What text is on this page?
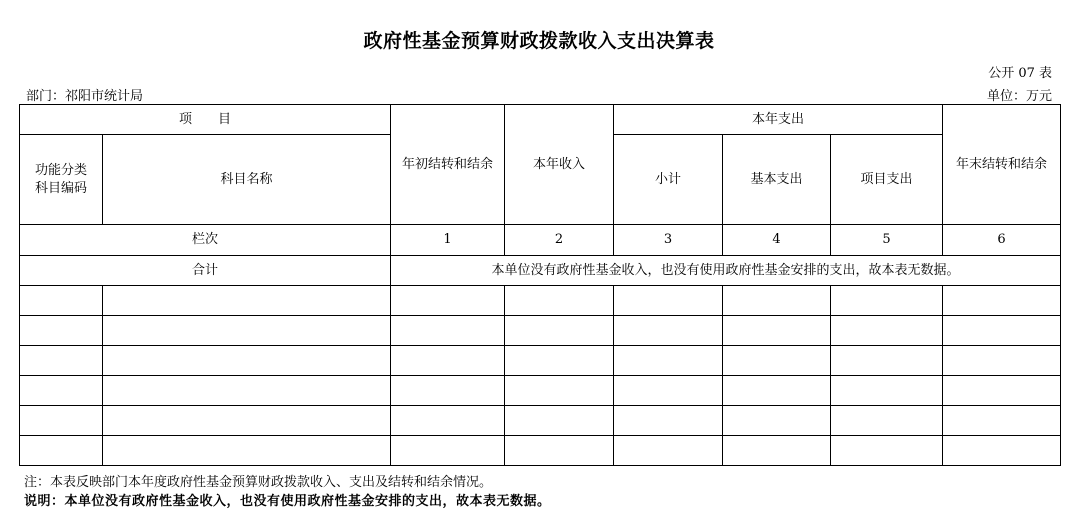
政府性基金预算财政拨款收入支出决算表
公开 07 表
部门：祁阳市统计局	单位：万元
项　　目		年初结转和结余	本年收入	本年支出			年末结转和结余
功能分类科目编码	科目名称			小计	基本支出	项目支出	
栏次		1	2	3	4	5	6
合计		本单位没有政府性基金收入，也没有使用政府性基金安排的支出，故本表无数据。					

注：本表反映部门本年度政府性基金预算财政拨款收入、支出及结转和结余情况。
说明：本单位没有政府性基金收入，也没有使用政府性基金安排的支出，故本表无数据。
